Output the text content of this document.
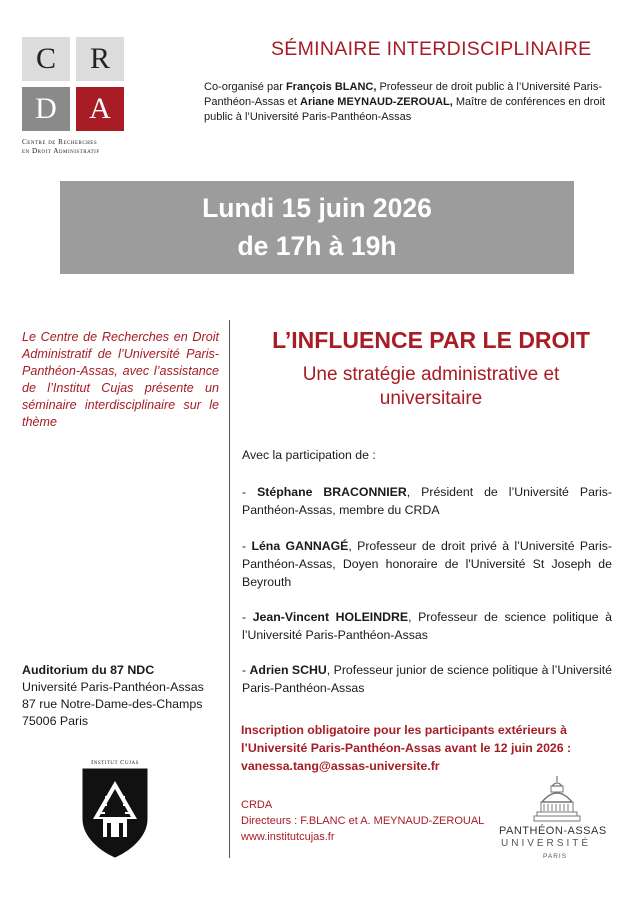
C	R
D	A
Centre de Recherches
en Droit Administratif
SÉMINAIRE INTERDISCIPLINAIRE
Co-organisé par François BLANC, Professeur de droit public à l’Université Paris-Panthéon-Assas et Ariane MEYNAUD-ZEROUAL, Maître de conférences en droit public à l’Université Paris-Panthéon-Assas
Lundi 15 juin 2026
de 17h à 19h
Le Centre de Recherches en Droit Administratif de l’Université Paris-Panthéon-Assas, avec l’assistance de l’Institut Cujas présente un séminaire interdisciplinaire sur le thème
L’INFLUENCE PAR LE DROIT
Une stratégie administrative et
universitaire
Avec la participation de :
- Stéphane BRACONNIER, Président de l’Université Paris-Panthéon-Assas, membre du CRDA
- Léna GANNAGÉ, Professeur de droit privé à l’Université Paris-Panthéon-Assas, Doyen honoraire de l'Université St Joseph de Beyrouth
- Jean-Vincent HOLEINDRE, Professeur de science politique à l’Université Paris-Panthéon-Assas
- Adrien SCHU, Professeur junior de science politique à l’Université Paris-Panthéon-Assas
Auditorium du 87 NDC
Université Paris-Panthéon-Assas
87 rue Notre-Dame-des-Champs
75006 Paris
Institut Cujas
Inscription obligatoire pour les participants extérieurs à l’Université Paris-Panthéon-Assas avant le 12 juin 2026 :
vanessa.tang@assas-universite.fr
CRDA
Directeurs : F.BLANC et A. MEYNAUD-ZEROUAL
www.institutcujas.fr	PANTHÉON-ASSAS
UNIVERSITÉ
PARIS
